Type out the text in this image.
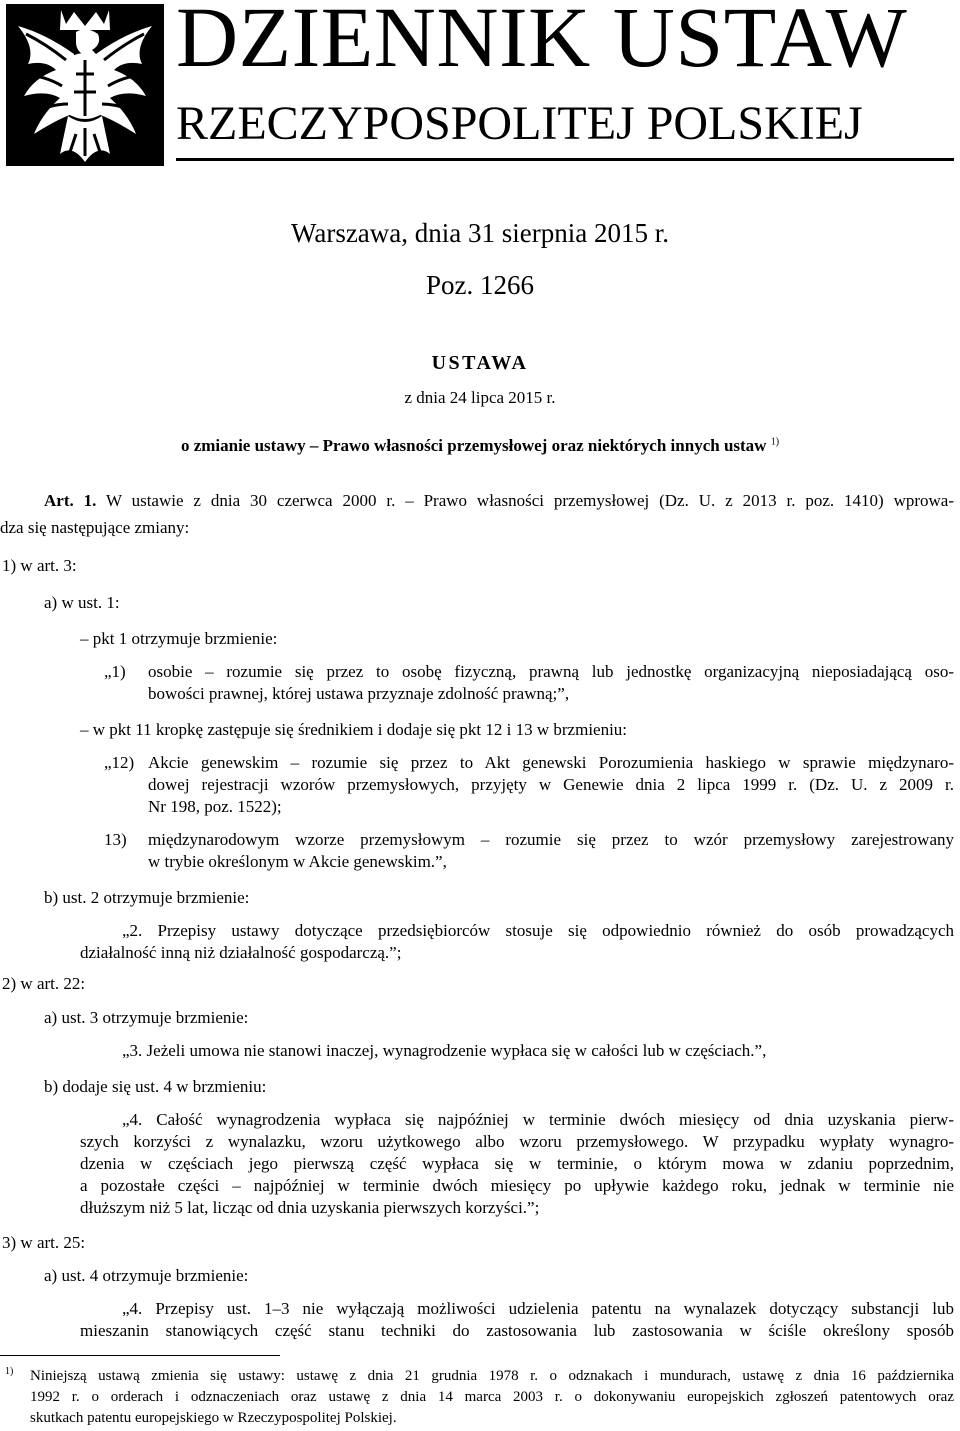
DZIENNIK USTAW
RZECZYPOSPOLITEJ POLSKIEJ
Warszawa, dnia 31 sierpnia 2015 r.
Poz. 1266
USTAWA
z dnia 24 lipca 2015 r.
o zmianie ustawy – Prawo własności przemysłowej oraz niektórych innych ustaw $^{1)}$
Art. 1. W ustawie z dnia 30 czerwca 2000 r. – Prawo własności przemysłowej (Dz. U. z 2013 r. poz. 1410) wprowa-
dza się następujące zmiany:
1) w art. 3:
a) w ust. 1:
– pkt 1 otrzymuje brzmienie:
„1) osobie – rozumie się przez to osobę fizyczną, prawną lub jednostkę organizacyjną nieposiadającą oso-
bowości prawnej, której ustawa przyznaje zdolność prawną;”,
– w pkt 11 kropkę zastępuje się średnikiem i dodaje się pkt 12 i 13 w brzmieniu:
„12) Akcie genewskim – rozumie się przez to Akt genewski Porozumienia haskiego w sprawie międzynaro-
dowej rejestracji wzorów przemysłowych, przyjęty w Genewie dnia 2 lipca 1999 r. (Dz. U. z 2009 r.
Nr 198, poz. 1522);
13) międzynarodowym wzorze przemysłowym – rozumie się przez to wzór przemysłowy zarejestrowany
w trybie określonym w Akcie genewskim.”,
b) ust. 2 otrzymuje brzmienie:
„2. Przepisy ustawy dotyczące przedsiębiorców stosuje się odpowiednio również do osób prowadzących
działalność inną niż działalność gospodarczą.”;
2) w art. 22:
a) ust. 3 otrzymuje brzmienie:
„3. Jeżeli umowa nie stanowi inaczej, wynagrodzenie wypłaca się w całości lub w częściach.”,
b) dodaje się ust. 4 w brzmieniu:
„4. Całość wynagrodzenia wypłaca się najpóźniej w terminie dwóch miesięcy od dnia uzyskania pierw-
szych korzyści z wynalazku, wzoru użytkowego albo wzoru przemysłowego. W przypadku wypłaty wynagro-
dzenia w częściach jego pierwszą część wypłaca się w terminie, o którym mowa w zdaniu poprzednim,
a pozostałe części – najpóźniej w terminie dwóch miesięcy po upływie każdego roku, jednak w terminie nie
dłuższym niż 5 lat, licząc od dnia uzyskania pierwszych korzyści.”;
3) w art. 25:
a) ust. 4 otrzymuje brzmienie:
„4. Przepisy ust. 1–3 nie wyłączają możliwości udzielenia patentu na wynalazek dotyczący substancji lub
mieszanin stanowiących część stanu techniki do zastosowania lub zastosowania w ściśle określony sposób
1) Niniejszą ustawą zmienia się ustawy: ustawę z dnia 21 grudnia 1978 r. o odznakach i mundurach, ustawę z dnia 16 października
1992 r. o orderach i odznaczeniach oraz ustawę z dnia 14 marca 2003 r. o dokonywaniu europejskich zgłoszeń patentowych oraz
skutkach patentu europejskiego w Rzeczypospolitej Polskiej.
